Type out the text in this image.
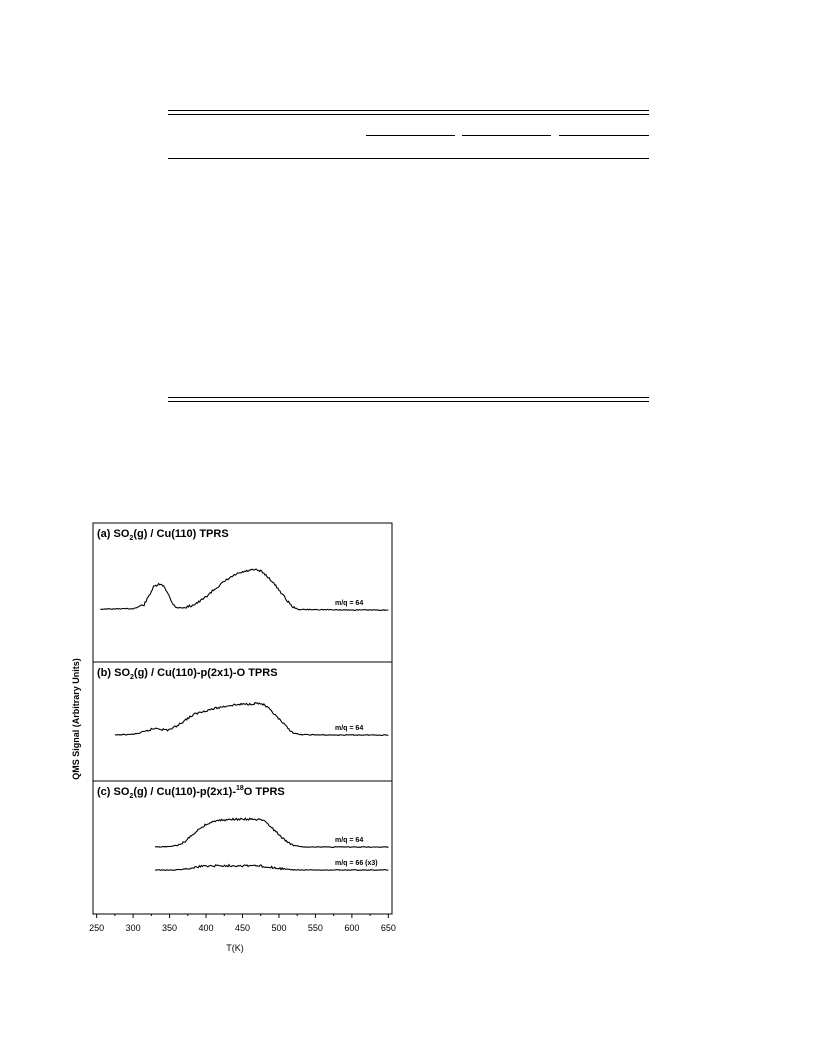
(a) $SO_2(g) / Cu(110)$ TPRS
m/q = 64
(b) $SO_2(g) / Cu(110)-p(2x1)-O$ TPRS
m/q = 64
(c) $SO_2(g) / Cu(110)-p(2x1)-^{18}O$ TPRS
m/q = 64
m/q = 66 (x3)
250 300 350 400 450 500 550 600 650
QMS Signal (Arbitrary Units)
T(K)
